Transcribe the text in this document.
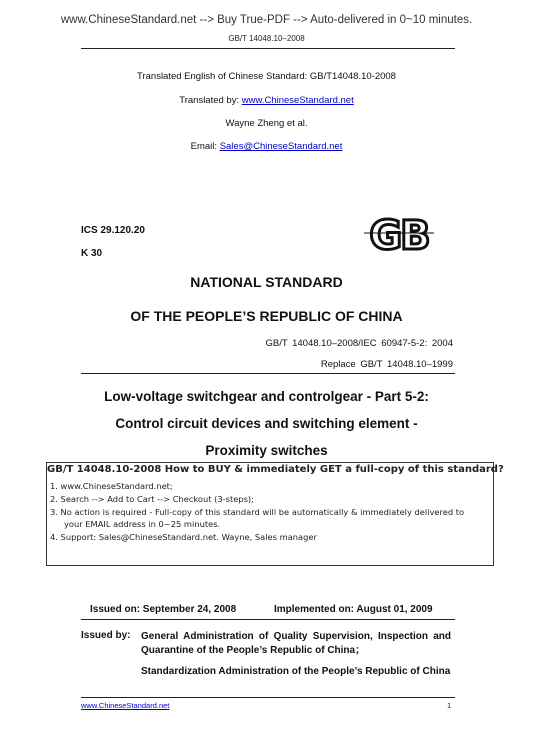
www.ChineseStandard.net --> Buy True-PDF --> Auto-delivered in 0~10 minutes.
GB/T 14048.10–2008
Translated English of Chinese Standard: GB/T14048.10-2008
Translated by: www.ChineseStandard.net
Wayne Zheng et al.
Email: Sales@ChineseStandard.net
ICS 29.120.20
K 30	GB
NATIONAL STANDARD
OF THE PEOPLE’S REPUBLIC OF CHINA
GB/T 14048.10–2008/IEC 60947-5-2: 2004
Replace GB/T 14048.10–1999
Low-voltage switchgear and controlgear - Part 5-2:
Control circuit devices and switching element -
Proximity switches
GB/T 14048.10-2008 How to BUY & immediately GET a full-copy of this standard?
1. www.ChineseStandard.net;
2. Search --> Add to Cart --> Checkout (3-steps);
3. No action is required - Full-copy of this standard will be automatically & immediately delivered to
your EMAIL address in 0~25 minutes.
4. Support: Sales@ChineseStandard.net. Wayne, Sales manager
Issued on: September 24, 2008	Implemented on: August 01, 2009
Issued by: General Administration of Quality Supervision, Inspection and Quarantine of the People’s Republic of China；
Standardization Administration of the People’s Republic of China
www.ChineseStandard.net	1
